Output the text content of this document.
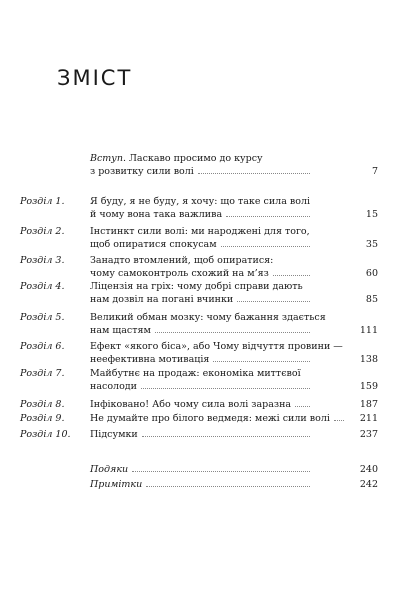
ЗМІСТ
Вступ. Ласкаво просимо до курсу
з розвитку сили волі	7
Розділ 1.	Я буду, я не буду, я хочу: що таке сила волі
й чому вона така важлива	15
Розділ 2.	Інстинкт сили волі: ми народжені для того,
щоб опиратися спокусам	35
Розділ 3.	Занадто втомлений, щоб опиратися:
чому самоконтроль схожий на м’яз	60
Розділ 4.	Ліцензія на гріх: чому добрі справи дають
нам дозвіл на погані вчинки	85
Розділ 5.	Великий обман мозку: чому бажання здається
нам щастям	111
Розділ 6.	Ефект «якого біса», або Чому відчуття провини —
неефективна мотивація	138
Розділ 7.	Майбутнє на продаж: економіка миттєвої
насолоди	159
Розділ 8.	Інфіковано! Або чому сила волі заразна	187
Розділ 9.	Не думайте про білого ведмедя: межі сили волі	211
Розділ 10. Підсумки	237
Подяки	240
Примітки	242
